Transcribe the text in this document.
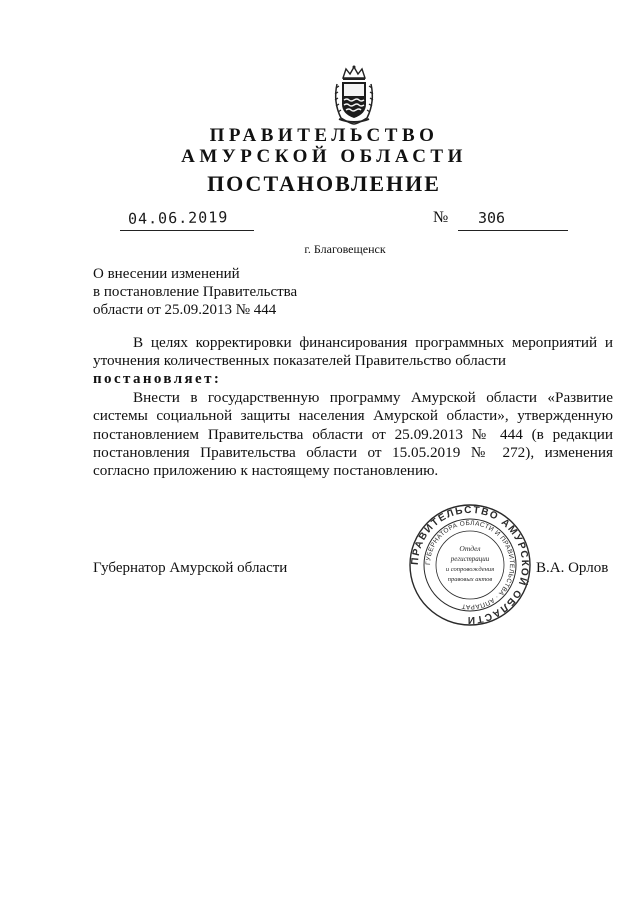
ПРАВИТЕЛЬСТВО
АМУРСКОЙ ОБЛАСТИ
ПОСТАНОВЛЕНИЕ
04.06.2019	№ 306
г. Благовещенск
О внесении изменений
в постановление Правительства
области от 25.09.2013 № 444
В целях корректировки финансирования программных мероприятий и
уточнения количественных показателей Правительство области
постановляет:
Внести в государственную программу Амурской области «Развитие
системы социальной защиты населения Амурской области», утвержденную
постановлением Правительства области от 25.09.2013 № 444 (в редакции
постановления Правительства области от 15.05.2019 № 272), изменения
согласно приложению к настоящему постановлению.
Губернатор Амурской области	В.А. Орлов
ПРАВИТЕЛЬСТВО АМУРСКОЙ ОБЛАСТИ
ГУБЕРНАТОРА ОБЛАСТИ И ПРАВИТЕЛЬСТВА · АППАРАТ
Отдел
регистрации
и сопровождения
правовых актов
